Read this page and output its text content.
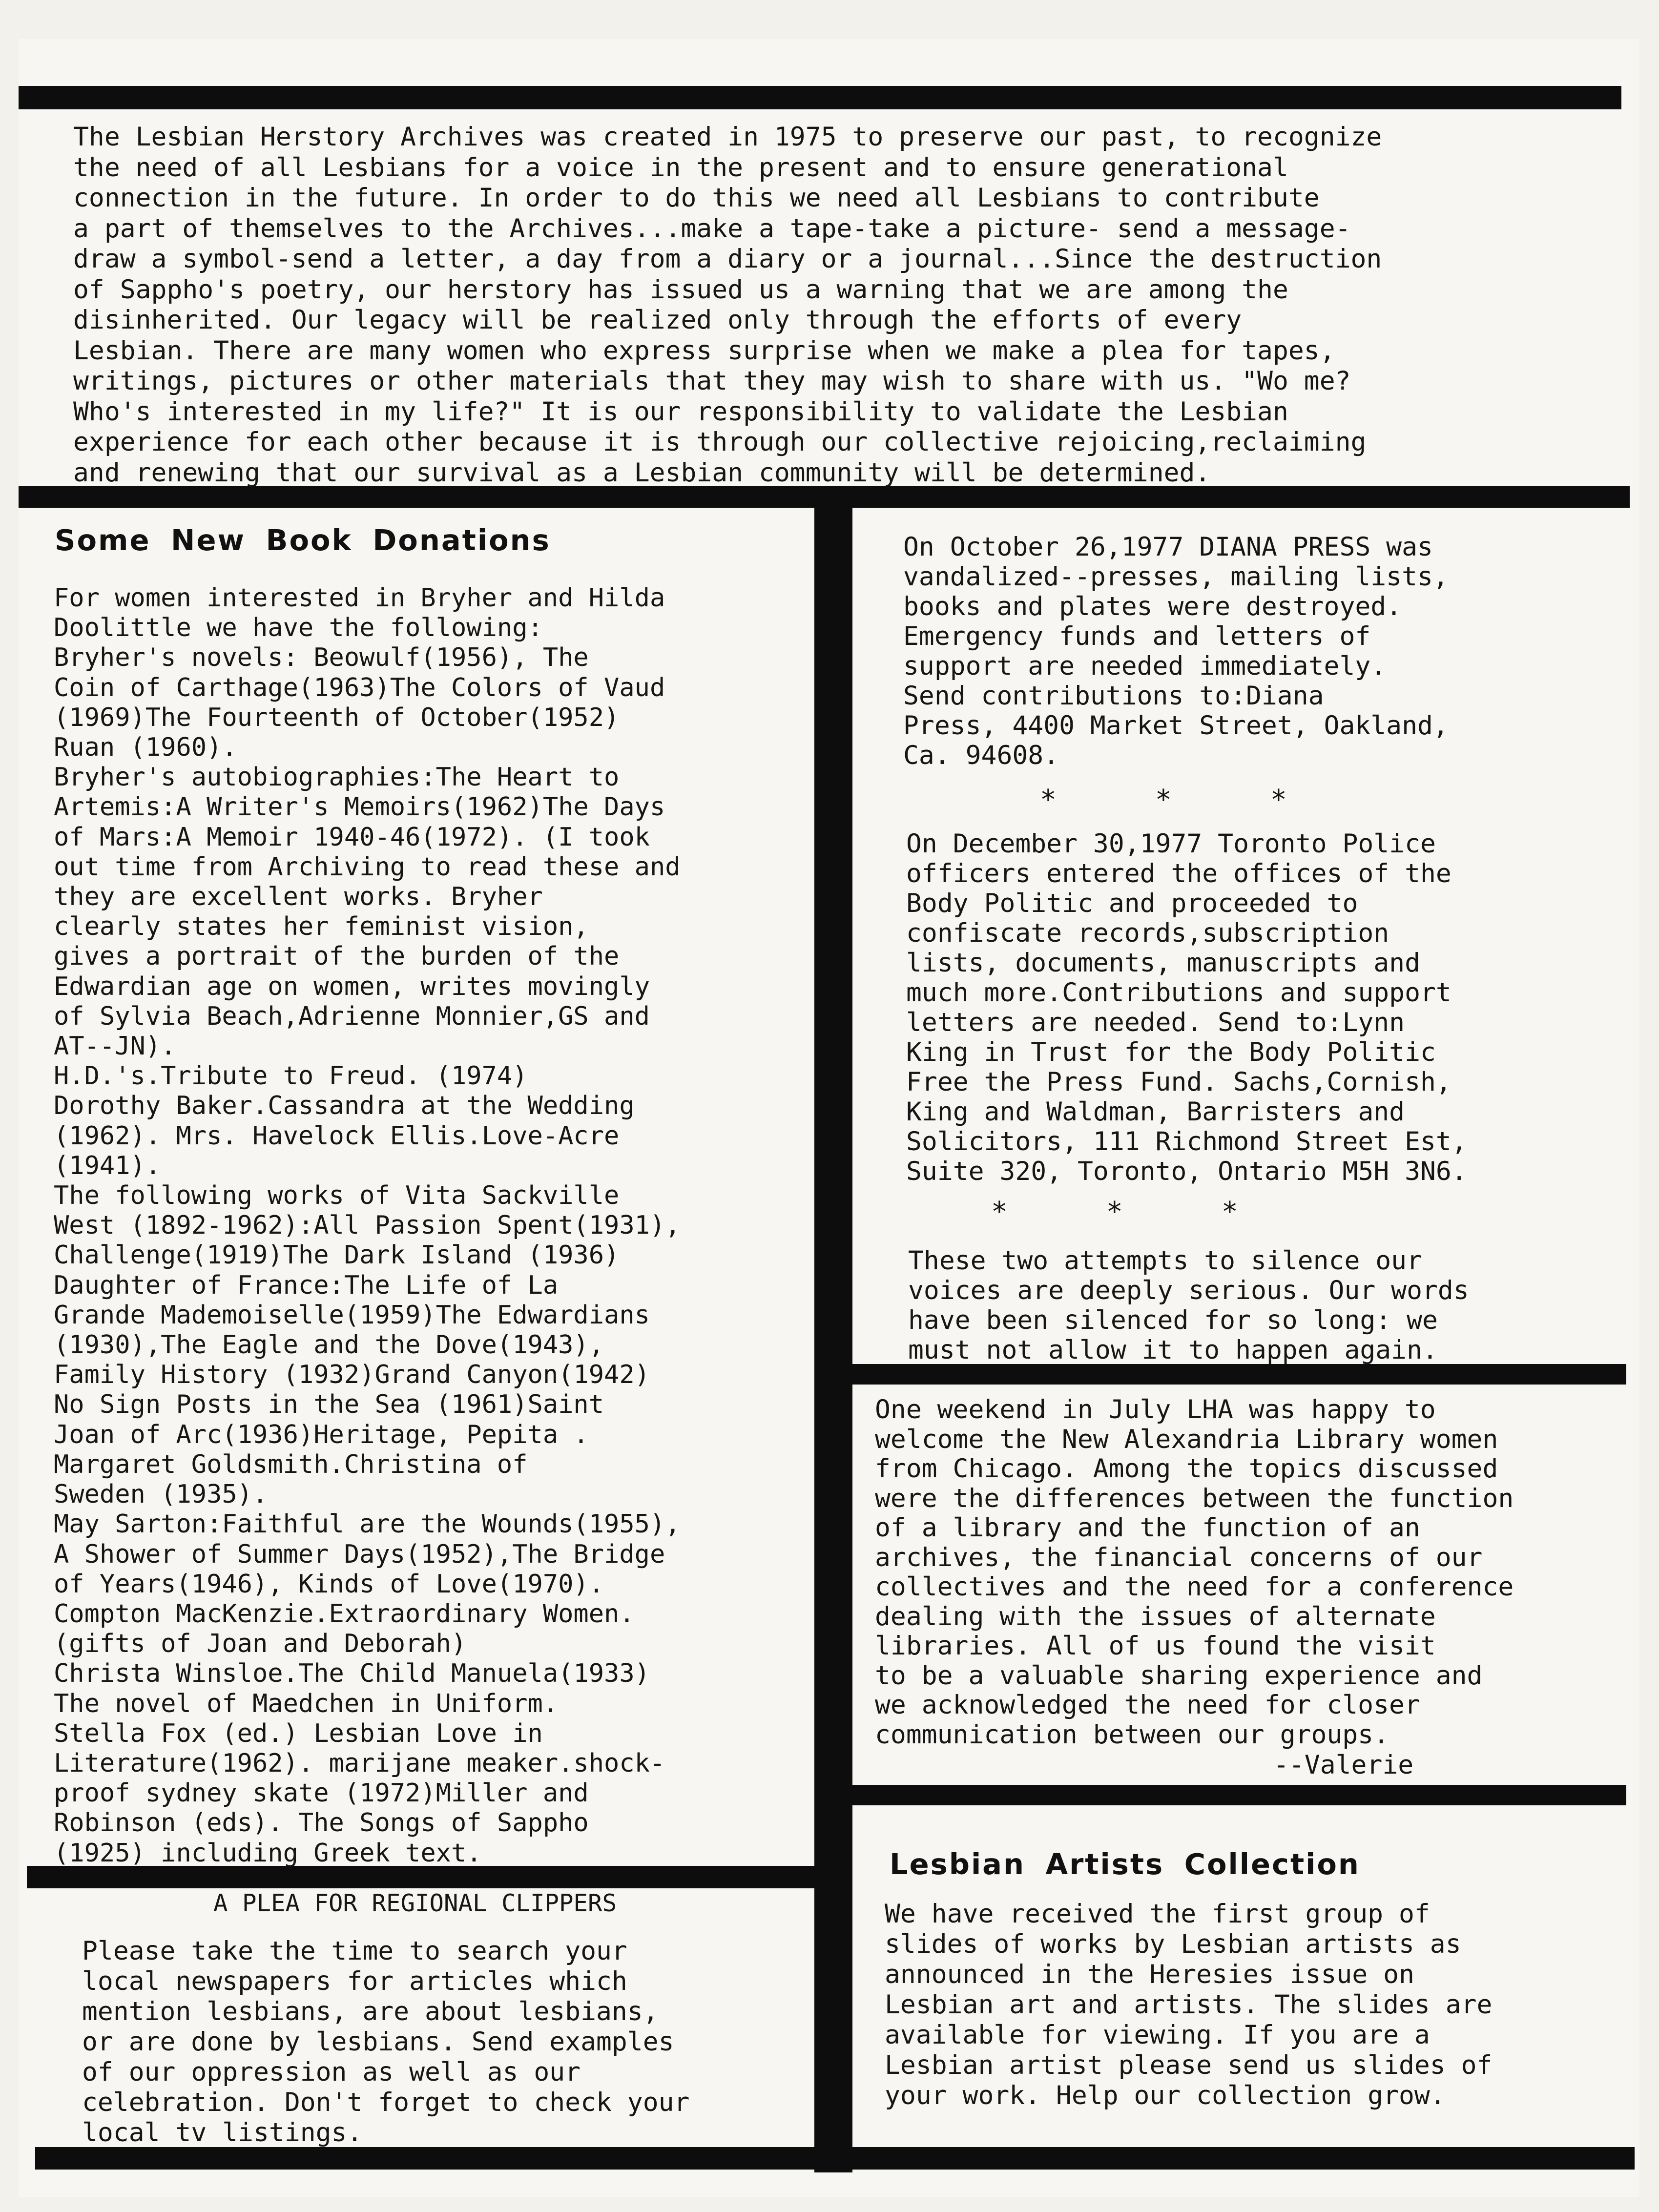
The Lesbian Herstory Archives was created in 1975 to preserve our past, to recognize
the need of all Lesbians for a voice in the present and to ensure generational
connection in the future. In order to do this we need all Lesbians to contribute
a part of themselves to the Archives...make a tape-take a picture- send a message-
draw a symbol-send a letter, a day from a diary or a journal...Since the destruction
of Sappho's poetry, our herstory has issued us a warning that we are among the
disinherited. Our legacy will be realized only through the efforts of every
Lesbian. There are many women who express surprise when we make a plea for tapes,
writings, pictures or other materials that they may wish to share with us. "Wo me?
Who's interested in my life?" It is our responsibility to validate the Lesbian
experience for each other because it is through our collective rejoicing,reclaiming
and renewing that our survival as a Lesbian community will be determined.
Some New Book Donations
For women interested in Bryher and Hilda
Doolittle we have the following:
Bryher's novels: Beowulf(1956), The
Coin of Carthage(1963)The Colors of Vaud
(1969)The Fourteenth of October(1952)
Ruan (1960).
Bryher's autobiographies:The Heart to
Artemis:A Writer's Memoirs(1962)The Days
of Mars:A Memoir 1940-46(1972). (I took
out time from Archiving to read these and
they are excellent works. Bryher
clearly states her feminist vision,
gives a portrait of the burden of the
Edwardian age on women, writes movingly
of Sylvia Beach,Adrienne Monnier,GS and
AT--JN).
H.D.'s.Tribute to Freud. (1974)
Dorothy Baker.Cassandra at the Wedding
(1962). Mrs. Havelock Ellis.Love-Acre
(1941).
The following works of Vita Sackville
West (1892-1962):All Passion Spent(1931),
Challenge(1919)The Dark Island (1936)
Daughter of France:The Life of La
Grande Mademoiselle(1959)The Edwardians
(1930),The Eagle and the Dove(1943),
Family History (1932)Grand Canyon(1942)
No Sign Posts in the Sea (1961)Saint
Joan of Arc(1936)Heritage, Pepita .
Margaret Goldsmith.Christina of
Sweden (1935).
May Sarton:Faithful are the Wounds(1955),
A Shower of Summer Days(1952),The Bridge
of Years(1946), Kinds of Love(1970).
Compton MacKenzie.Extraordinary Women.
(gifts of Joan and Deborah)
Christa Winsloe.The Child Manuela(1933)
The novel of Maedchen in Uniform.
Stella Fox (ed.) Lesbian Love in
Literature(1962). marijane meaker.shock-
proof sydney skate (1972)Miller and
Robinson (eds). The Songs of Sappho
(1925) including Greek text.
A PLEA FOR REGIONAL CLIPPERS
Please take the time to search your
local newspapers for articles which
mention lesbians, are about lesbians,
or are done by lesbians. Send examples
of our oppression as well as our
celebration. Don't forget to check your
local tv listings.
On October 26,1977 DIANA PRESS was
vandalized--presses, mailing lists,
books and plates were destroyed.
Emergency funds and letters of
support are needed immediately.
Send contributions to:Diana
Press, 4400 Market Street, Oakland,
Ca. 94608.
*      *      *
On December 30,1977 Toronto Police
officers entered the offices of the
Body Politic and proceeded to
confiscate records,subscription
lists, documents, manuscripts and
much more.Contributions and support
letters are needed. Send to:Lynn
King in Trust for the Body Politic
Free the Press Fund. Sachs,Cornish,
King and Waldman, Barristers and
Solicitors, 111 Richmond Street Est,
Suite 320, Toronto, Ontario M5H 3N6.
*      *      *
These two attempts to silence our
voices are deeply serious. Our words
have been silenced for so long: we
must not allow it to happen again.
One weekend in July LHA was happy to
welcome the New Alexandria Library women
from Chicago. Among the topics discussed
were the differences between the function
of a library and the function of an
archives, the financial concerns of our
collectives and the need for a conference
dealing with the issues of alternate
libraries. All of us found the visit
to be a valuable sharing experience and
we acknowledged the need for closer
communication between our groups.
--Valerie
Lesbian Artists Collection
We have received the first group of
slides of works by Lesbian artists as
announced in the Heresies issue on
Lesbian art and artists. The slides are
available for viewing. If you are a
Lesbian artist please send us slides of
your work. Help our collection grow.
